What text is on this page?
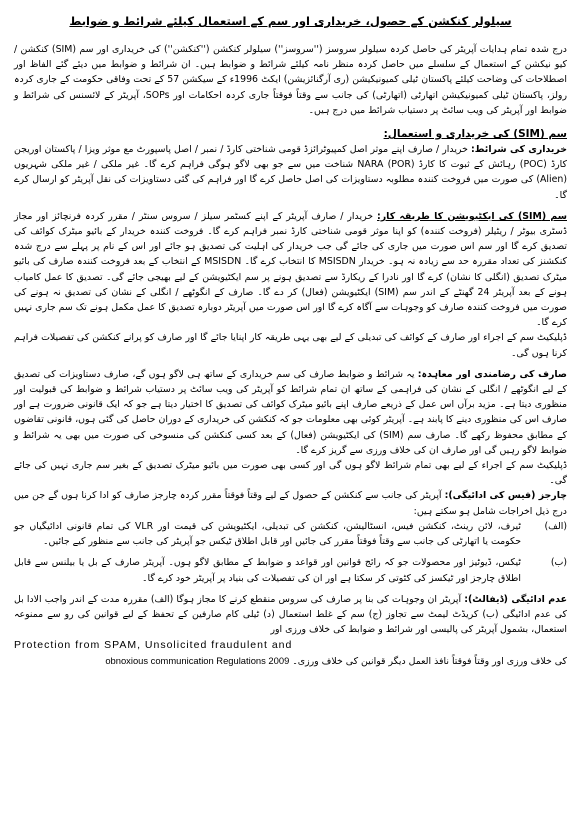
سیلولر کنکشن کے حصول، خریداری اور سم کے استعمال کیلئے شرائط و ضوابط

درج شدہ تمام ہدایات آپریٹر کی حاصل کردہ سیلولر سروسز (''سروسز'') سیلولر کنکشن (''کنکشن'') کی خریداری اور سم (SIM) کنکشن / کیو نیکشن کے استعمال کے سلسلے میں حاصل کردہ منظر نامہ کیلئے شرائط و ضوابط ہیں۔ ان شرائط و ضوابط میں دیئے گئے الفاظ اور اصطلاحات کی وضاحت کیلئے پاکستان ٹیلی کمیونیکیشن (ری آرگنائزیشن) ایکٹ 1996ء کے سیکشن 57 کے تحت وفاقی حکومت کے جاری کردہ رولز، پاکستان ٹیلی کمیونیکیشن اتھارٹی (اتھارٹی) کی جانب سے وقتاً فوقتاً جاری کردہ احکامات اور SOPs، آپریٹر کے لائسنس کی شرائط و ضوابط اور آپریٹر کی ویب سائٹ پر دستیاب شرائط میں درج ہیں۔

سم (SIM) کی خریداری و استعمال:

خریداری کی شرائط: خریدار / صارف اپنے موثر اصل کمپیوٹرائزڈ قومی شناختی کارڈ / نمبر / اصل پاسپورٹ مع موثر ویزا / پاکستان اوریجن کارڈ (POC) رہائش کے ثبوت کا کارڈ NARA (POR) شناخت میں سے جو بھی لاگو ہوگی فراہم کرے گا۔ غیر ملکی / غیر ملکی شہریوں (Alien) کی صورت میں فروخت کنندہ مطلوبہ دستاویزات کی اصل حاصل کرے گا اور فراہم کی گئی دستاویزات کی نقل آپریٹر کو ارسال کرے گا۔

سم (SIM) کی ایکٹیویشن کا طریقہ کار: خریدار / صارف آپریٹر کے اپنے کسٹمر سیلز / سروس سنٹر / مقرر کردہ فرنچائز اور مجاز ڈسٹری بیوٹر / ریٹیلر (فروخت کنندہ) کو اپنا موثر قومی شناختی کارڈ نمبر فراہم کرے گا۔ فروخت کنندہ خریدار کے بائیو میٹرک کوائف کی تصدیق کرے گا اور سم اس صورت میں جاری کی جائے گی جب خریدار کی اہلیت کی تصدیق ہو جائے اور اس کے نام پر پہلے سے درج شدہ کنکشنز کی تعداد مقررہ حد سے زیادہ نہ ہو۔ خریدار MSISDN کا انتخاب کرے گا۔ MSISDN کے انتخاب کے بعد فروخت کنندہ صارف کی بائیو میٹرک تصدیق (انگلی کا نشان) کرے گا اور نادرا کے ریکارڈ سے تصدیق ہونے پر سم ایکٹیویشن کے لیے بھیجی جائے گی۔ تصدیق کا عمل کامیاب ہونے کے بعد آپریٹر 24 گھنٹے کے اندر سم (SIM) ایکٹیویشن (فعال) کر دے گا۔ صارف کے انگوٹھے / انگلی کے نشان کی تصدیق نہ ہونے کی صورت میں فروخت کنندہ صارف کو وجوہات سے آگاہ کرے گا اور اس صورت میں آپریٹر دوبارہ تصدیق کا عمل مکمل ہونے تک سم جاری نہیں کرے گا۔

ڈپلیکیٹ سم کے اجراء اور صارف کے کوائف کی تبدیلی کے لیے بھی یہی طریقہ کار اپنایا جائے گا اور صارف کو پرانے کنکشن کی تفصیلات فراہم کرنا ہوں گی۔

صارف کی رضامندی اور معاہدہ: یہ شرائط و ضوابط صارف کی سم خریداری کے ساتھ ہی لاگو ہوں گے، صارف دستاویزات کی تصدیق کے لیے انگوٹھے / انگلی کے نشان کی فراہمی کے ساتھ ان تمام شرائط کو آپریٹر کی ویب سائٹ پر دستیاب شرائط و ضوابط کی قبولیت اور منظوری دیتا ہے۔ مزید برآں اس عمل کے ذریعے صارف اپنے بائیو میٹرک کوائف کی تصدیق کا اختیار دیتا ہے جو کہ ایک قانونی ضرورت ہے اور صارف اس کی منظوری دینے کا پابند ہے۔ آپریٹر کوئی بھی معلومات جو کہ کنکشن کی خریداری کے دوران حاصل کی گئی ہوں، قانونی تقاضوں کے مطابق محفوظ رکھے گا۔ صارف سم (SIM) کی ایکٹیویشن (فعال) کے بعد کسی کنکشن کی منسوخی کی صورت میں بھی یہ شرائط و ضوابط لاگو رہیں گی اور صارف ان کی خلاف ورزی سے گریز کرے گا۔

ڈپلیکیٹ سم کے اجراء کے لیے بھی تمام شرائط لاگو ہوں گی اور کسی بھی صورت میں بائیو میٹرک تصدیق کے بغیر سم جاری نہیں کی جائے گی۔

چارجز (فیس کی ادائیگی): آپریٹر کی جانب سے کنکشن کے حصول کے لیے وقتاً فوقتاً مقرر کردہ چارجز صارف کو ادا کرنا ہوں گے جن میں درج ذیل اخراجات شامل ہو سکتے ہیں:

(الف)

ٹیرف، لائن رینٹ، کنکشن فیس، انسٹالیشن، کنکشن کی تبدیلی، ایکٹیویشن کی قیمت اور VLR کی تمام قانونی ادائیگیاں جو حکومت یا اتھارٹی کی جانب سے وقتاً فوقتاً مقرر کی جائیں اور قابل اطلاق ٹیکس جو آپریٹر کی جانب سے منظور کیے جائیں۔

(ب)

ٹیکس، ڈیوٹیز اور محصولات جو کہ رائج قوانین اور قواعد و ضوابط کے مطابق لاگو ہوں۔ آپریٹر صارف کے بل یا بیلنس سے قابل اطلاق چارجز اور ٹیکسز کی کٹوتی کر سکتا ہے اور ان کی تفصیلات کی بنیاد پر آپریٹر خود کرے گا۔

عدم ادائیگی (ڈیفالٹ): آپریٹر ان وجوہات کی بنا پر صارف کی سروس منقطع کرنے کا مجاز ہوگا (الف) مقررہ مدت کے اندر واجب الادا بل کی عدم ادائیگی (ب) کریڈٹ لیمٹ سے تجاوز (ج) سم کے غلط استعمال (د) ٹیلی کام صارفین کے تحفظ کے لیے قوانین کی رو سے ممنوعہ استعمال، بشمول آپریٹر کی پالیسی اور شرائط و ضوابط کی خلاف ورزی اور

Protection from SPAM, Unsolicited fraudulent and

کی خلاف ورزی اور وقتاً فوقتاً نافذ العمل دیگر قوانین کی خلاف ورزی۔ obnoxious communication Regulations 2009
